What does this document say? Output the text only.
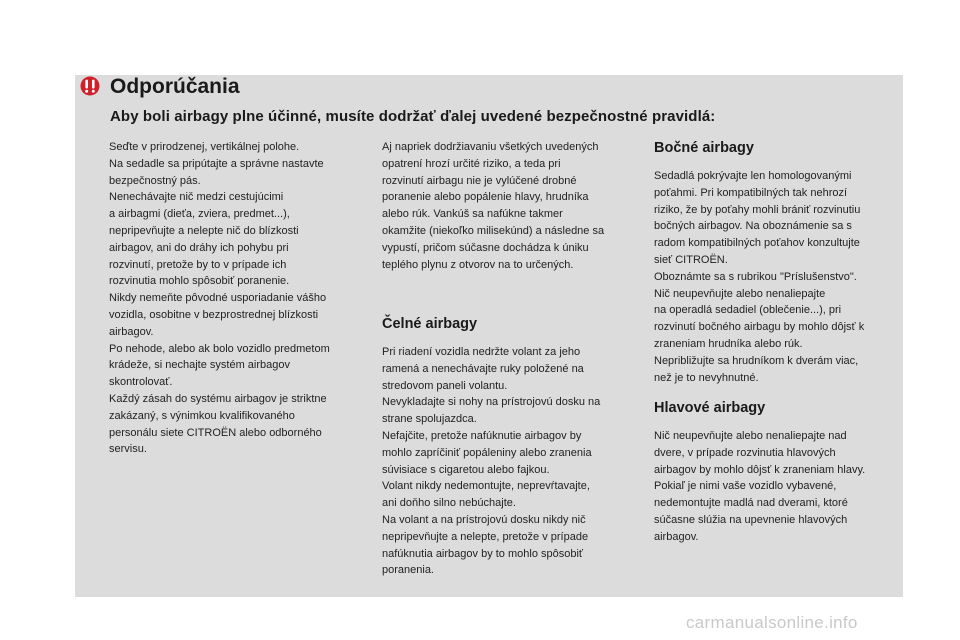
Odporúčania
Aby boli airbagy plne účinné, musíte dodržať ďalej uvedené bezpečnostné pravidlá:

Seďte v prirodzenej, vertikálnej polohe.

Na sedadle sa pripútajte a správne nastavte

bezpečnostný pás.

Nenechávajte nič medzi cestujúcimi

a airbagmi (dieťa, zviera, predmet...),

nepripevňujte a nelepte nič do blízkosti

airbagov, ani do dráhy ich pohybu pri

rozvinutí, pretože by to v prípade ich

rozvinutia mohlo spôsobiť poranenie.

Nikdy nemeňte pôvodné usporiadanie vášho

vozidla, osobitne v bezprostrednej blízkosti

airbagov.

Po nehode, alebo ak bolo vozidlo predmetom

krádeže, si nechajte systém airbagov

skontrolovať.

Každý zásah do systému airbagov je striktne

zakázaný, s výnimkou kvalifikovaného

personálu siete CITROËN alebo odborného

servisu.

Aj napriek dodržiavaniu všetkých uvedených

opatrení hrozí určité riziko, a teda pri

rozvinutí airbagu nie je vylúčené drobné

poranenie alebo popálenie hlavy, hrudníka

alebo rúk. Vankúš sa nafúkne takmer

okamžite (niekoľko milisekúnd) a následne sa

vypustí, pričom súčasne dochádza k úniku

teplého plynu z otvorov na to určených.

Čelné airbagy

Pri riadení vozidla nedržte volant za jeho

ramená a nenechávajte ruky položené na

stredovom paneli volantu.

Nevykladajte si nohy na prístrojovú dosku na

strane spolujazdca.

Nefajčite, pretože nafúknutie airbagov by

mohlo zapríčiniť popáleniny alebo zranenia

súvisiace s cigaretou alebo fajkou.

Volant nikdy nedemontujte, neprevŕtavajte,

ani doňho silno nebúchajte.

Na volant a na prístrojovú dosku nikdy nič

nepripevňujte a nelepte, pretože v prípade

nafúknutia airbagov by to mohlo spôsobiť

poranenia.

Bočné airbagy

Sedadlá pokrývajte len homologovanými

poťahmi. Pri kompatibilných tak nehrozí

riziko, že by poťahy mohli brániť rozvinutiu

bočných airbagov. Na oboznámenie sa s

radom kompatibilných poťahov konzultujte

sieť CITROËN.

Oboznámte sa s rubrikou "Príslušenstvo".

Nič neupevňujte alebo nenaliepajte

na operadlá sedadiel (oblečenie...), pri

rozvinutí bočného airbagu by mohlo dôjsť k

zraneniam hrudníka alebo rúk.

Nepribližujte sa hrudníkom k dverám viac,

než je to nevyhnutné.

Hlavové airbagy

Nič neupevňujte alebo nenaliepajte nad

dvere, v prípade rozvinutia hlavových

airbagov by mohlo dôjsť k zraneniam hlavy.

Pokiaľ je nimi vaše vozidlo vybavené,

nedemontujte madlá nad dverami, ktoré

súčasne slúžia na upevnenie hlavových

airbagov.

carmanualsonline.info
